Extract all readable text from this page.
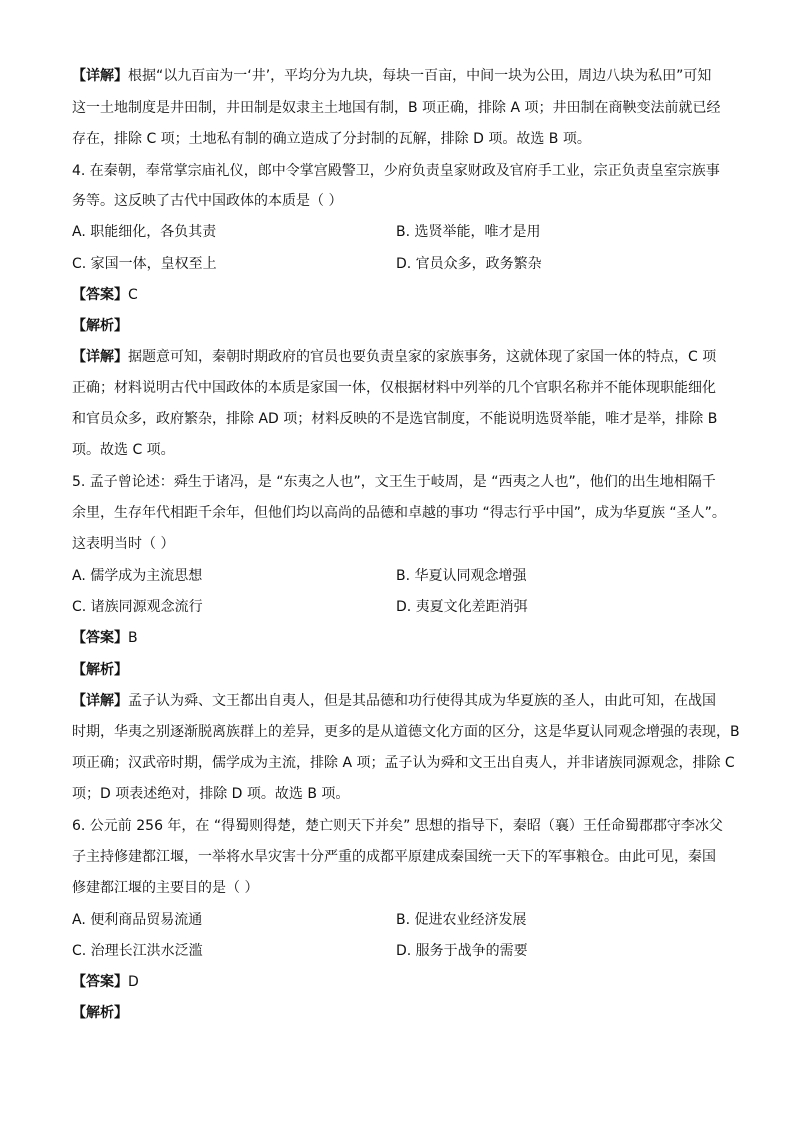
【详解】根据“以九百亩为一‘井’，平均分为九块，每块一百亩，中间一块为公田，周边八块为私田”可知
这一土地制度是井田制，井田制是奴隶主土地国有制，B 项正确，排除 A 项；井田制在商鞅变法前就已经
存在，排除 C 项；土地私有制的确立造成了分封制的瓦解，排除 D 项。故选 B 项。
4. 在秦朝，奉常掌宗庙礼仪，郎中令掌宫殿警卫，少府负责皇家财政及官府手工业，宗正负责皇室宗族事
务等。这反映了古代中国政体的本质是（ ）
A. 职能细化，各负其责	B. 选贤举能，唯才是用
C. 家国一体，皇权至上	D. 官员众多，政务繁杂
【答案】C
【解析】
【详解】据题意可知，秦朝时期政府的官员也要负责皇家的家族事务，这就体现了家国一体的特点，C 项
正确；材料说明古代中国政体的本质是家国一体，仅根据材料中列举的几个官职名称并不能体现职能细化
和官员众多，政府繁杂，排除 AD 项；材料反映的不是选官制度，不能说明选贤举能，唯才是举，排除 B
项。故选 C 项。
5. 孟子曾论述：舜生于诸冯，是 “东夷之人也”，文王生于岐周，是 “西夷之人也”，他们的出生地相隔千
余里，生存年代相距千余年，但他们均以高尚的品德和卓越的事功 “得志行乎中国”，成为华夏族 “圣人”。
这表明当时（ ）
A. 儒学成为主流思想	B. 华夏认同观念增强
C. 诸族同源观念流行	D. 夷夏文化差距消弭
【答案】B
【解析】
【详解】孟子认为舜、文王都出自夷人，但是其品德和功行使得其成为华夏族的圣人，由此可知，在战国
时期，华夷之别逐渐脱离族群上的差异，更多的是从道德文化方面的区分，这是华夏认同观念增强的表现，B
项正确；汉武帝时期，儒学成为主流，排除 A 项；孟子认为舜和文王出自夷人，并非诸族同源观念，排除 C
项；D 项表述绝对，排除 D 项。故选 B 项。
6. 公元前 256 年，在 “得蜀则得楚，楚亡则天下并矣” 思想的指导下，秦昭（襄）王任命蜀郡郡守李冰父
子主持修建都江堰，一举将水旱灾害十分严重的成都平原建成秦国统一天下的军事粮仓。由此可见，秦国
修建都江堰的主要目的是（ ）
A. 便利商品贸易流通	B. 促进农业经济发展
C. 治理长江洪水泛滥	D. 服务于战争的需要
【答案】D
【解析】
